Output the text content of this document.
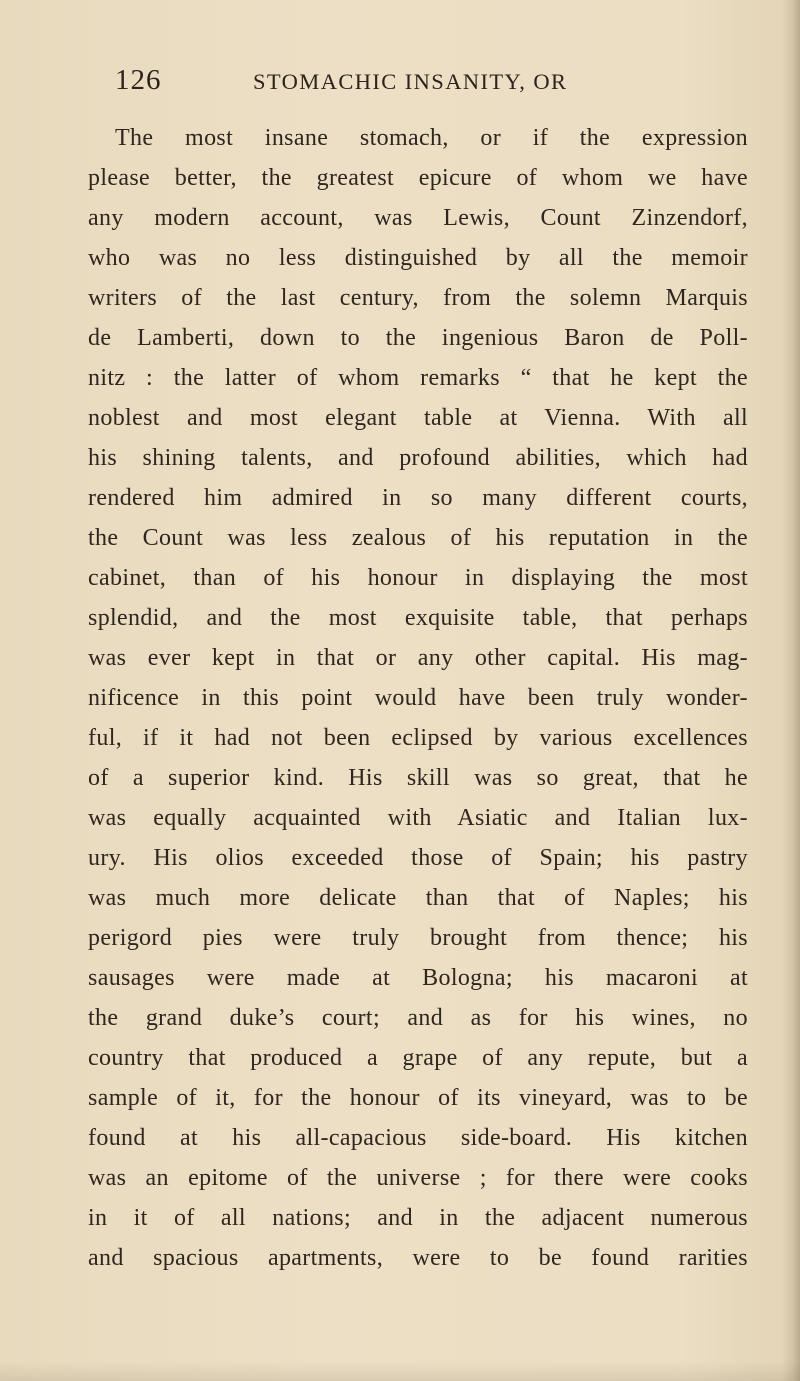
126	STOMACHIC INSANITY, OR
The most insane stomach, or if the expression
please better, the greatest epicure of whom we have
any modern account, was Lewis, Count Zinzendorf,
who was no less distinguished by all the memoir
writers of the last century, from the solemn Marquis
de Lamberti, down to the ingenious Baron de Poll-
nitz : the latter of whom remarks “ that he kept the
noblest and most elegant table at Vienna. With all
his shining talents, and profound abilities, which had
rendered him admired in so many different courts,
the Count was less zealous of his reputation in the
cabinet, than of his honour in displaying the most
splendid, and the most exquisite table, that perhaps
was ever kept in that or any other capital. His mag-
nificence in this point would have been truly wonder-
ful, if it had not been eclipsed by various excellences
of a superior kind. His skill was so great, that he
was equally acquainted with Asiatic and Italian lux-
ury. His olios exceeded those of Spain; his pastry
was much more delicate than that of Naples; his
perigord pies were truly brought from thence; his
sausages were made at Bologna; his macaroni at
the grand duke’s court; and as for his wines, no
country that produced a grape of any repute, but a
sample of it, for the honour of its vineyard, was to be
found at his all-capacious side-board. His kitchen
was an epitome of the universe ; for there were cooks
in it of all nations; and in the adjacent numerous
and spacious apartments, were to be found rarities
